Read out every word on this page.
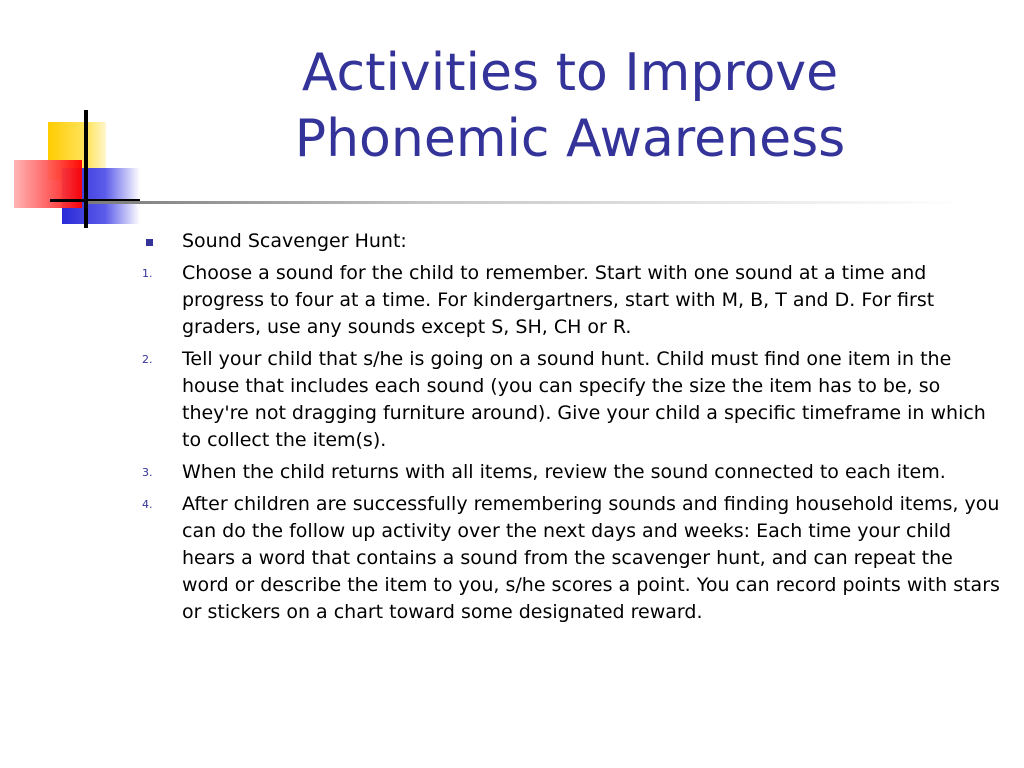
Activities to Improve
Phonemic Awareness
Sound Scavenger Hunt:
1. Choose a sound for the child to remember. Start with one sound at a time and progress to four at a time. For kindergartners, start with M, B, T and D. For first graders, use any sounds except S, SH, CH or R.
2. Tell your child that s/he is going on a sound hunt. Child must find one item in the house that includes each sound (you can specify the size the item has to be, so they're not dragging furniture around). Give your child a specific timeframe in which to collect the item(s).
3. When the child returns with all items, review the sound connected to each item.
4. After children are successfully remembering sounds and finding household items, you can do the follow up activity over the next days and weeks: Each time your child hears a word that contains a sound from the scavenger hunt, and can repeat the word or describe the item to you, s/he scores a point. You can record points with stars or stickers on a chart toward some designated reward.
